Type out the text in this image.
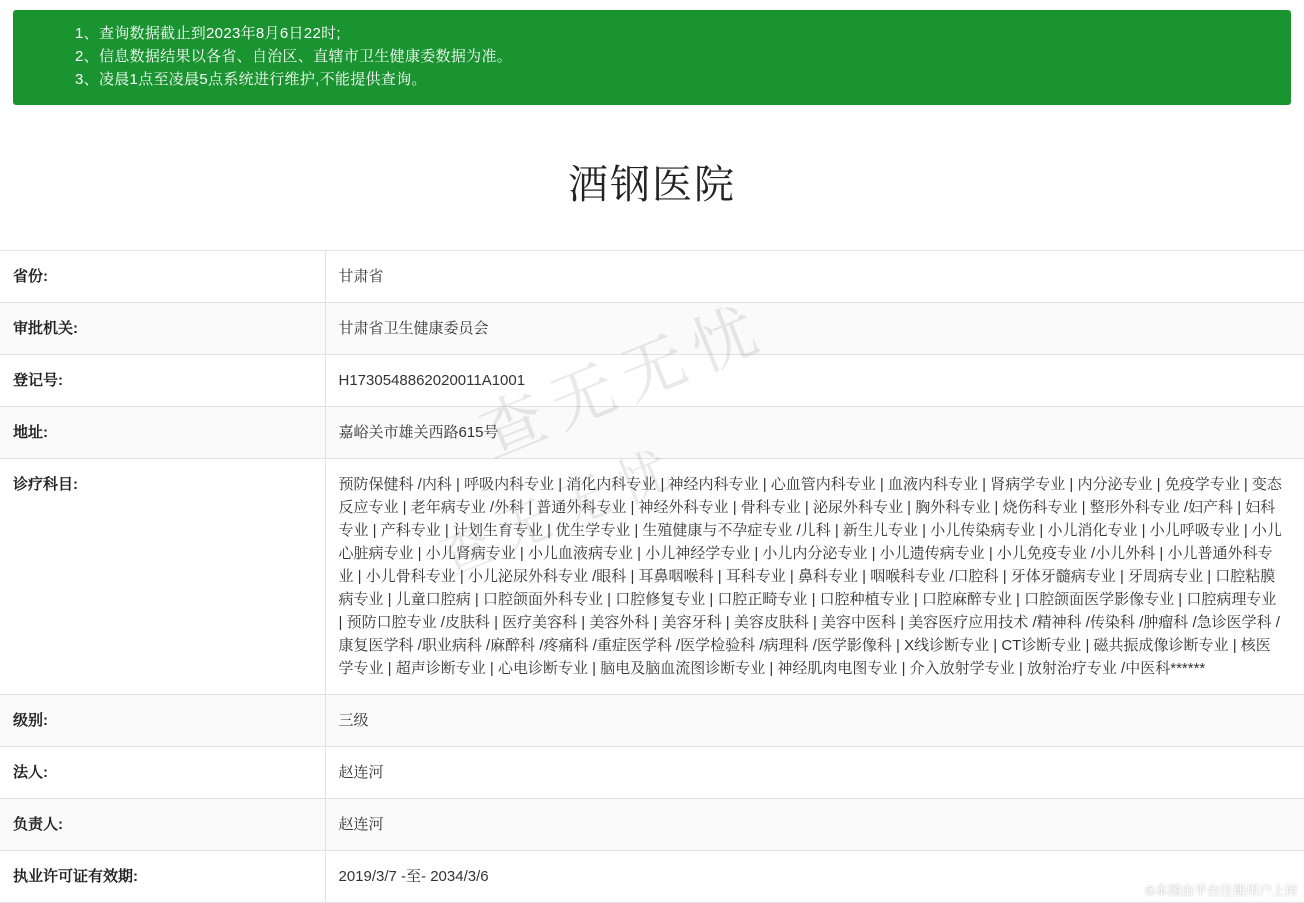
1、查询数据截止到2023年8月6日22时;
2、信息数据结果以各省、自治区、直辖市卫生健康委数据为准。
3、凌晨1点至凌晨5点系统进行维护,不能提供查询。
酒钢医院
省份:	甘肃省
审批机关:	甘肃省卫生健康委员会
登记号:	H1730548862020011A1001
地址:	嘉峪关市雄关西路615号
诊疗科目:	预防保健科 /内科 | 呼吸内科专业 | 消化内科专业 | 神经内科专业 | 心血管内科专业 | 血液内科专业 | 肾病学专业 | 内分泌专业 | 免疫学专业 | 变态反应专业 | 老年病专业 /外科 | 普通外科专业 | 神经外科专业 | 骨科专业 | 泌尿外科专业 | 胸外科专业 | 烧伤科专业 | 整形外科专业 /妇产科 | 妇科专业 | 产科专业 | 计划生育专业 | 优生学专业 | 生殖健康与不孕症专业 /儿科 | 新生儿专业 | 小儿传染病专业 | 小儿消化专业 | 小儿呼吸专业 | 小儿心脏病专业 | 小儿肾病专业 | 小儿血液病专业 | 小儿神经学专业 | 小儿内分泌专业 | 小儿遗传病专业 | 小儿免疫专业 /小儿外科 | 小儿普通外科专业 | 小儿骨科专业 | 小儿泌尿外科专业 /眼科 | 耳鼻咽喉科 | 耳科专业 | 鼻科专业 | 咽喉科专业 /口腔科 | 牙体牙髓病专业 | 牙周病专业 | 口腔粘膜病专业 | 儿童口腔病 | 口腔颌面外科专业 | 口腔修复专业 | 口腔正畸专业 | 口腔种植专业 | 口腔麻醉专业 | 口腔颌面医学影像专业 | 口腔病理专业 | 预防口腔专业 /皮肤科 | 医疗美容科 | 美容外科 | 美容牙科 | 美容皮肤科 | 美容中医科 | 美容医疗应用技术 /精神科 /传染科 /肿瘤科 /急诊医学科 /康复医学科 /职业病科 /麻醉科 /疼痛科 /重症医学科 /医学检验科 /病理科 /医学影像科 | X线诊断专业 | CT诊断专业 | 磁共振成像诊断专业 | 核医学专业 | 超声诊断专业 | 心电诊断专业 | 脑电及脑血流图诊断专业 | 神经肌肉电图专业 | 介入放射学专业 | 放射治疗专业 /中医科******
级别:	三级
法人:	赵连河
负责人:	赵连河
执业许可证有效期:	2019/3/7 -至- 2034/3/6
查无无忧
查无无忧
©本图由平台注册用户上传
